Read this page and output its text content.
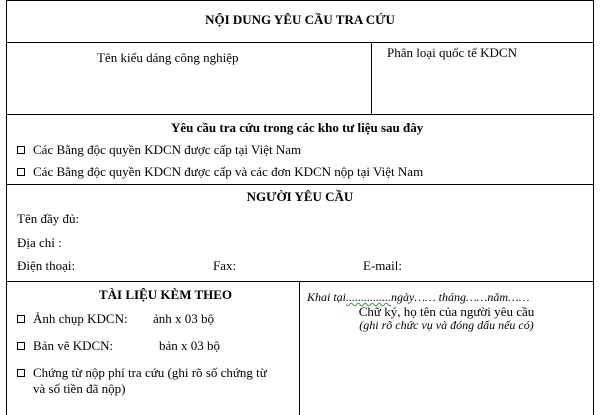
NỘI DUNG YÊU CẦU TRA CỨU
Tên kiểu dáng công nghiệp	Phân loại quốc tế KDCN
Yêu cầu tra cứu trong các kho tư liệu sau đây
Các Bằng độc quyền KDCN được cấp tại Việt Nam
Các Bằng độc quyền KDCN được cấp và các đơn KDCN nộp tại Việt Nam
NGƯỜI YÊU CẦU
Tên đầy đủ:
Địa chỉ :
Điện thoại:	Fax:	E-mail:
TÀI LIỆU KÈM THEO
Ảnh chụp KDCN: ảnh x 03 bộ
Bản vẽ KDCN:	bản x 03 bộ
Chứng từ nộp phí tra cứu (ghi rõ số chứng từ
và số tiền đã nộp)
Khai tại...............ngày…… tháng……năm……
Chữ ký, họ tên của người yêu cầu
(ghi rõ chức vụ và đóng dấu nếu có)
